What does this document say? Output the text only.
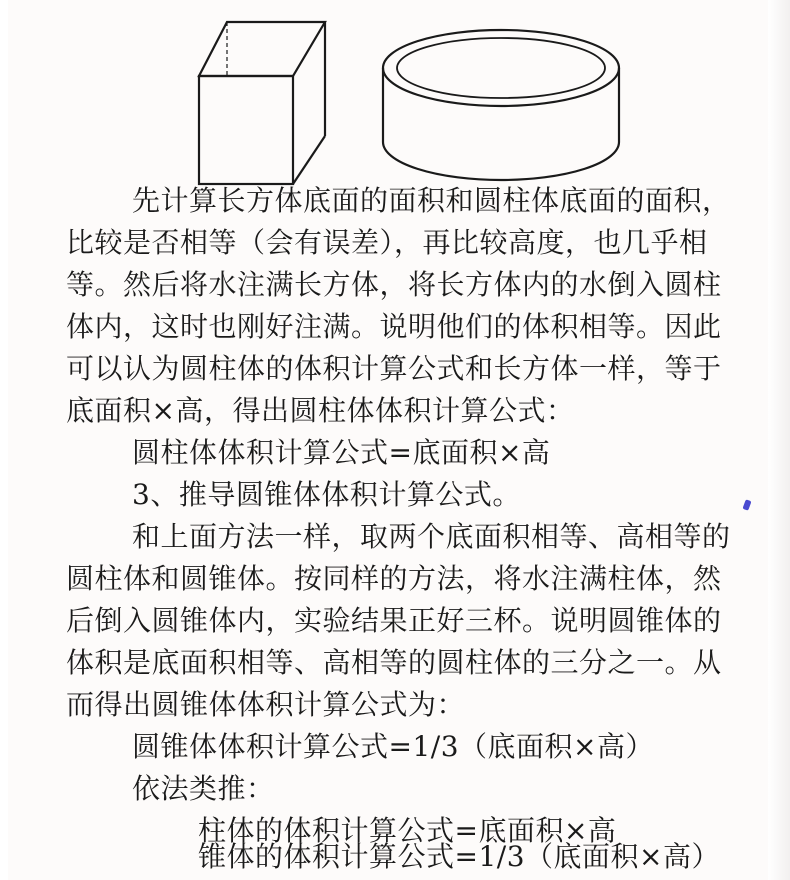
先计算长方体底面的面积和圆柱体底面的面积，
比较是否相等（会有误差），再比较高度，也几乎相
等。然后将水注满长方体，将长方体内的水倒入圆柱
体内，这时也刚好注满。说明他们的体积相等。因此
可以认为圆柱体的体积计算公式和长方体一样，等于
底面积×高，得出圆柱体体积计算公式：
圆柱体体积计算公式=底面积×高
3、推导圆锥体体积计算公式。
和上面方法一样，取两个底面积相等、高相等的
圆柱体和圆锥体。按同样的方法，将水注满柱体，然
后倒入圆锥体内，实验结果正好三杯。说明圆锥体的
体积是底面积相等、高相等的圆柱体的三分之一。从
而得出圆锥体体积计算公式为：
圆锥体体积计算公式=1/3（底面积×高）
依法类推：
柱体的体积计算公式=底面积×高
锥体的体积计算公式=1/3（底面积×高）
